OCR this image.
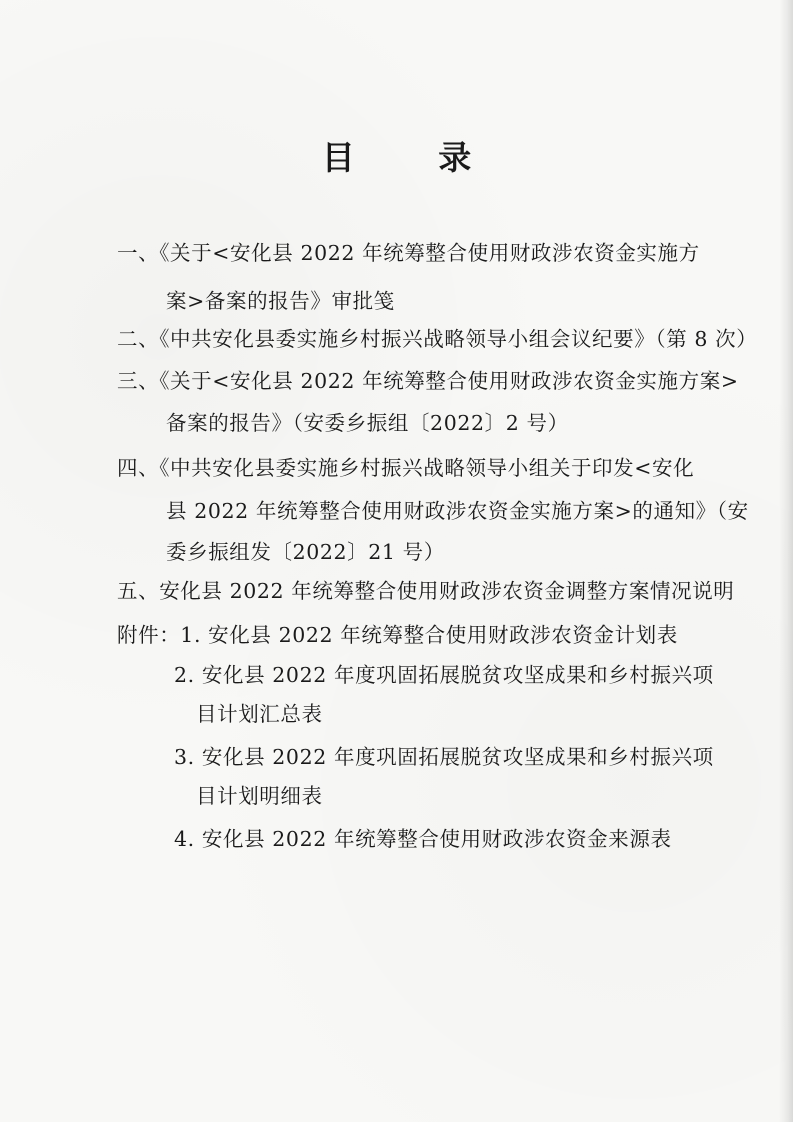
目 录
一、《关于<安化县 2022 年统筹整合使用财政涉农资金实施方
案>备案的报告》审批笺
二、《中共安化县委实施乡村振兴战略领导小组会议纪要》（第 8 次）
三、《关于<安化县 2022 年统筹整合使用财政涉农资金实施方案>
备案的报告》（安委乡振组〔2022〕2 号）
四、《中共安化县委实施乡村振兴战略领导小组关于印发<安化
县 2022 年统筹整合使用财政涉农资金实施方案>的通知》（安
委乡振组发〔2022〕21 号）
五、安化县 2022 年统筹整合使用财政涉农资金调整方案情况说明
附件：1. 安化县 2022 年统筹整合使用财政涉农资金计划表
2. 安化县 2022 年度巩固拓展脱贫攻坚成果和乡村振兴项
目计划汇总表
3. 安化县 2022 年度巩固拓展脱贫攻坚成果和乡村振兴项
目计划明细表
4. 安化县 2022 年统筹整合使用财政涉农资金来源表
